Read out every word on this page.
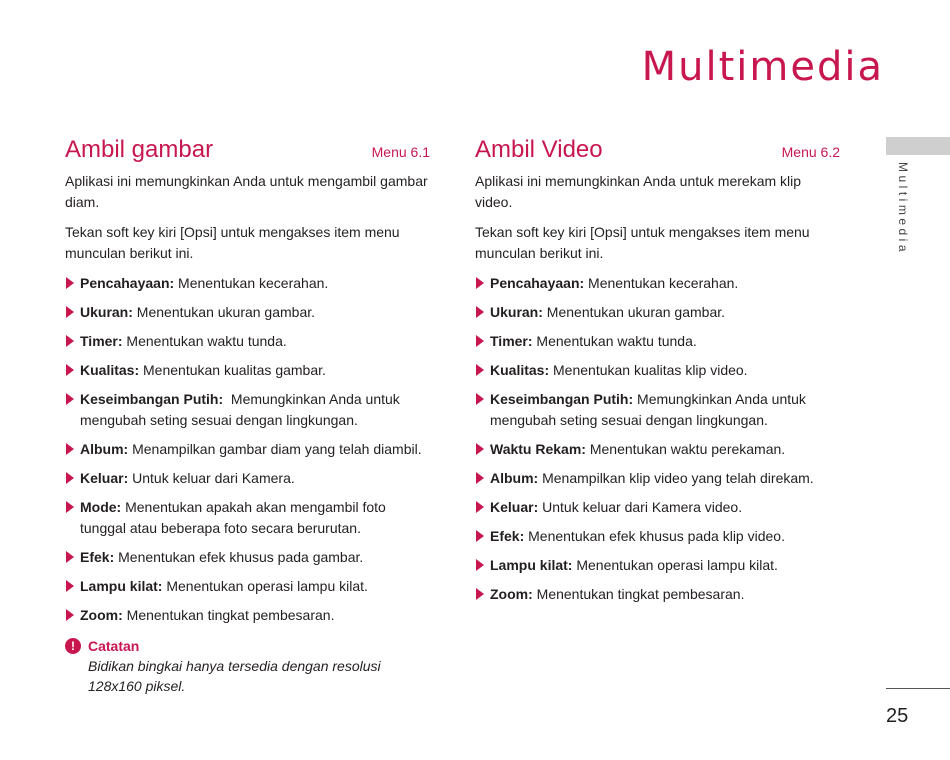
Multimedia
Multimedia
25
Ambil gambar	Menu 6.1

Aplikasi ini memungkinkan Anda untuk mengambil gambar diam.

Tekan soft key kiri [Opsi] untuk mengakses item menu munculan berikut ini.

Pencahayaan: Menentukan kecerahan.
Ukuran: Menentukan ukuran gambar.
Timer: Menentukan waktu tunda.
Kualitas: Menentukan kualitas gambar.
Keseimbangan Putih:  Memungkinkan Anda untuk mengubah seting sesuai dengan lingkungan.
Album: Menampilkan gambar diam yang telah diambil.
Keluar: Untuk keluar dari Kamera.
Mode: Menentukan apakah akan mengambil foto tunggal atau beberapa foto secara berurutan.
Efek: Menentukan efek khusus pada gambar.
Lampu kilat: Menentukan operasi lampu kilat.
Zoom: Menentukan tingkat pembesaran.
! Catatan
Bidikan bingkai hanya tersedia dengan resolusi 128x160 piksel.
Ambil Video	Menu 6.2

Aplikasi ini memungkinkan Anda untuk merekam klip video.

Tekan soft key kiri [Opsi] untuk mengakses item menu munculan berikut ini.

Pencahayaan: Menentukan kecerahan.
Ukuran: Menentukan ukuran gambar.
Timer: Menentukan waktu tunda.
Kualitas: Menentukan kualitas klip video.
Keseimbangan Putih: Memungkinkan Anda untuk mengubah seting sesuai dengan lingkungan.
Waktu Rekam: Menentukan waktu perekaman.
Album: Menampilkan klip video yang telah direkam.
Keluar: Untuk keluar dari Kamera video.
Efek: Menentukan efek khusus pada klip video.
Lampu kilat: Menentukan operasi lampu kilat.
Zoom: Menentukan tingkat pembesaran.
